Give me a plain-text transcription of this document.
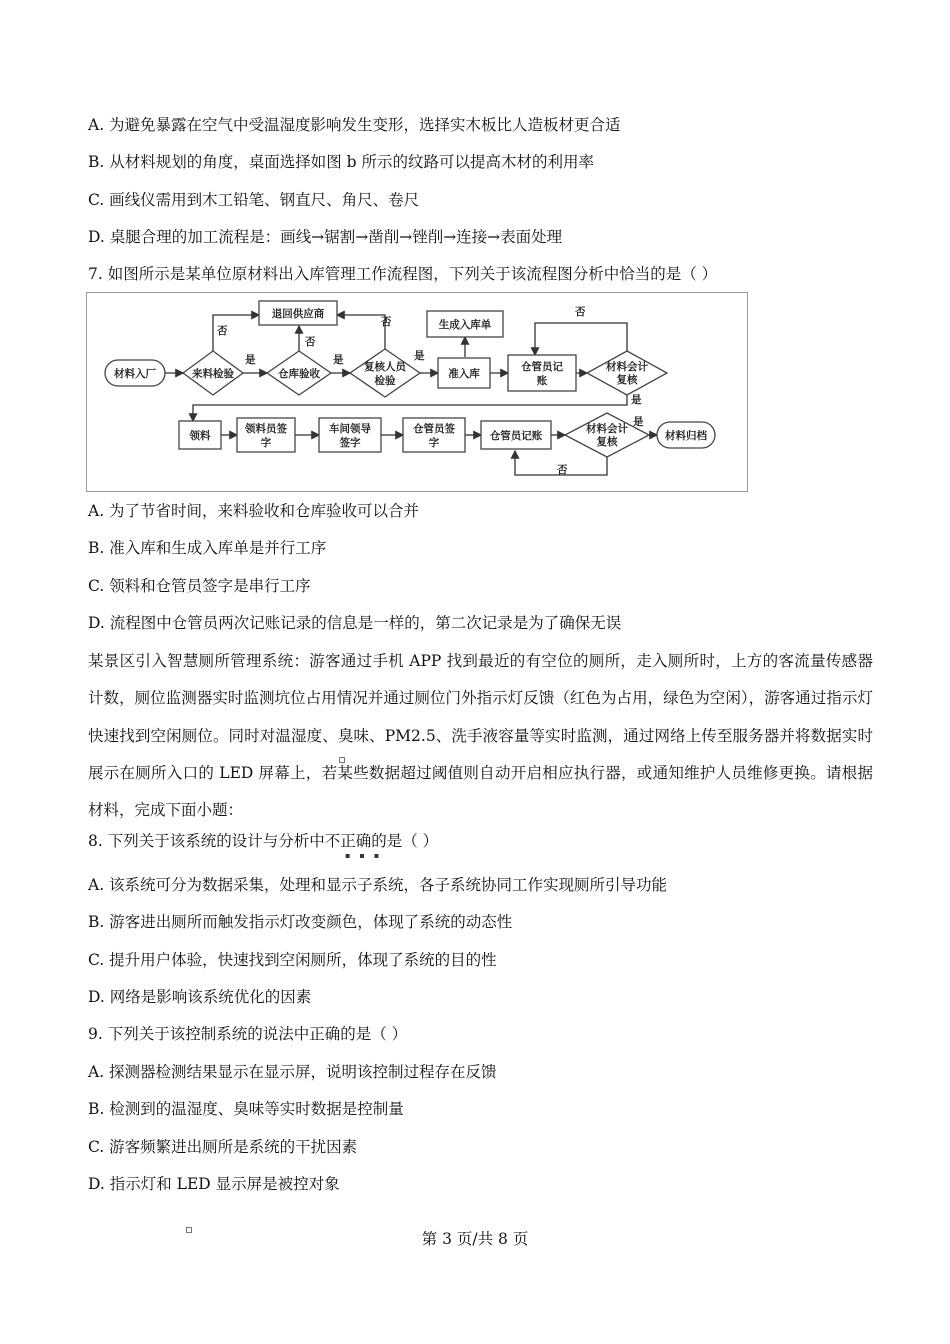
A. 为避免暴露在空气中受温湿度影响发生变形，选择实木板比人造板材更合适
B. 从材料规划的角度，桌面选择如图 b 所示的纹路可以提高木材的利用率
C. 画线仪需用到木工铅笔、钢直尺、角尺、卷尺
D. 桌腿合理的加工流程是：画线→锯割→凿削→锉削→连接→表面处理
7. 如图所示是某单位原材料出入库管理工作流程图，下列关于该流程图分析中恰当的是（ ）
材料入厂	来料检验
退回供应商
仓库验收
复核人员
检验
生成入库单
准入库
仓管员记
账
材料会计
复核
否
是
否
是
否
是
否
是
领料
领料员签
字
车间领导
签字
仓管员签
字
仓管员记账
材料会计
复核	材料归档
是
否
A. 为了节省时间，来料验收和仓库验收可以合并
B. 准入库和生成入库单是并行工序
C. 领料和仓管员签字是串行工序
D. 流程图中仓管员两次记账记录的信息是一样的，第二次记录是为了确保无误
某景区引入智慧厕所管理系统：游客通过手机 APP 找到最近的有空位的厕所，走入厕所时，上方的客流量传感器计数，厕位监测器实时监测坑位占用情况并通过厕位门外指示灯反馈（红色为占用，绿色为空闲），游客通过指示灯快速找到空闲厕位。同时对温湿度、臭味、PM2.5、洗手液容量等实时监测，通过网络上传至服务器并将数据实时展示在厕所入口的 LED 屏幕上，若某些数据超过阈值则自动开启相应执行器，或通知维护人员维修更换。请根据材料，完成下面小题：
▪▪▪
8. 下列关于该系统的设计与分析中不正确的是（ ）
A. 该系统可分为数据采集，处理和显示子系统，各子系统协同工作实现厕所引导功能
B. 游客进出厕所而触发指示灯改变颜色，体现了系统的动态性
C. 提升用户体验，快速找到空闲厕所，体现了系统的目的性
D. 网络是影响该系统优化的因素
9. 下列关于该控制系统的说法中正确的是（ ）
A. 探测器检测结果显示在显示屏，说明该控制过程存在反馈
B. 检测到的温湿度、臭味等实时数据是控制量
C. 游客频繁进出厕所是系统的干扰因素
D. 指示灯和 LED 显示屏是被控对象
第 3 页/共 8 页
